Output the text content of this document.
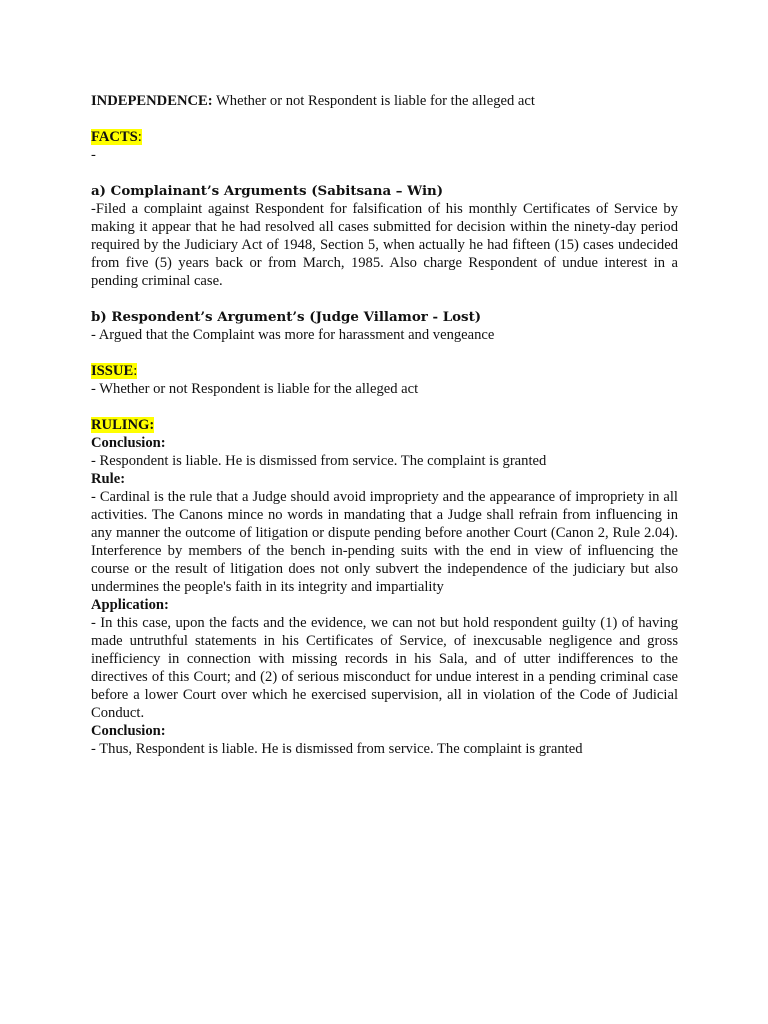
INDEPENDENCE: Whether or not Respondent is liable for the alleged act

FACTS:

-

a) Complainant’s Arguments (Sabitsana – Win)

-Filed a complaint against Respondent for falsification of his monthly Certificates of Service by making it appear that he had resolved all cases submitted for decision within the ninety-day period required by the Judiciary Act of 1948, Section 5, when actually he had fifteen (15) cases undecided from five (5) years back or from March, 1985. Also charge Respondent of undue interest in a pending criminal case.

b) Respondent’s Argument’s (Judge Villamor - Lost)

- Argued that the Complaint was more for harassment and vengeance

ISSUE:

- Whether or not Respondent is liable for the alleged act

RULING:

Conclusion:

- Respondent is liable. He is dismissed from service. The complaint is granted

Rule:

- Cardinal is the rule that a Judge should avoid impropriety and the appearance of impropriety in all activities. The Canons mince no words in mandating that a Judge shall refrain from influencing in any manner the outcome of litigation or dispute pending before another Court (Canon 2, Rule 2.04). Interference by members of the bench in-pending suits with the end in view of influencing the course or the result of litigation does not only subvert the independence of the judiciary but also undermines the people's faith in its integrity and impartiality

Application:

- In this case, upon the facts and the evidence, we can not but hold respondent guilty (1) of having made untruthful statements in his Certificates of Service, of inexcusable negligence and gross inefficiency in connection with missing records in his Sala, and of utter indifferences to the directives of this Court; and (2) of serious misconduct for undue interest in a pending criminal case before a lower Court over which he exercised supervision, all in violation of the Code of Judicial Conduct.

Conclusion:

- Thus, Respondent is liable. He is dismissed from service. The complaint is granted
